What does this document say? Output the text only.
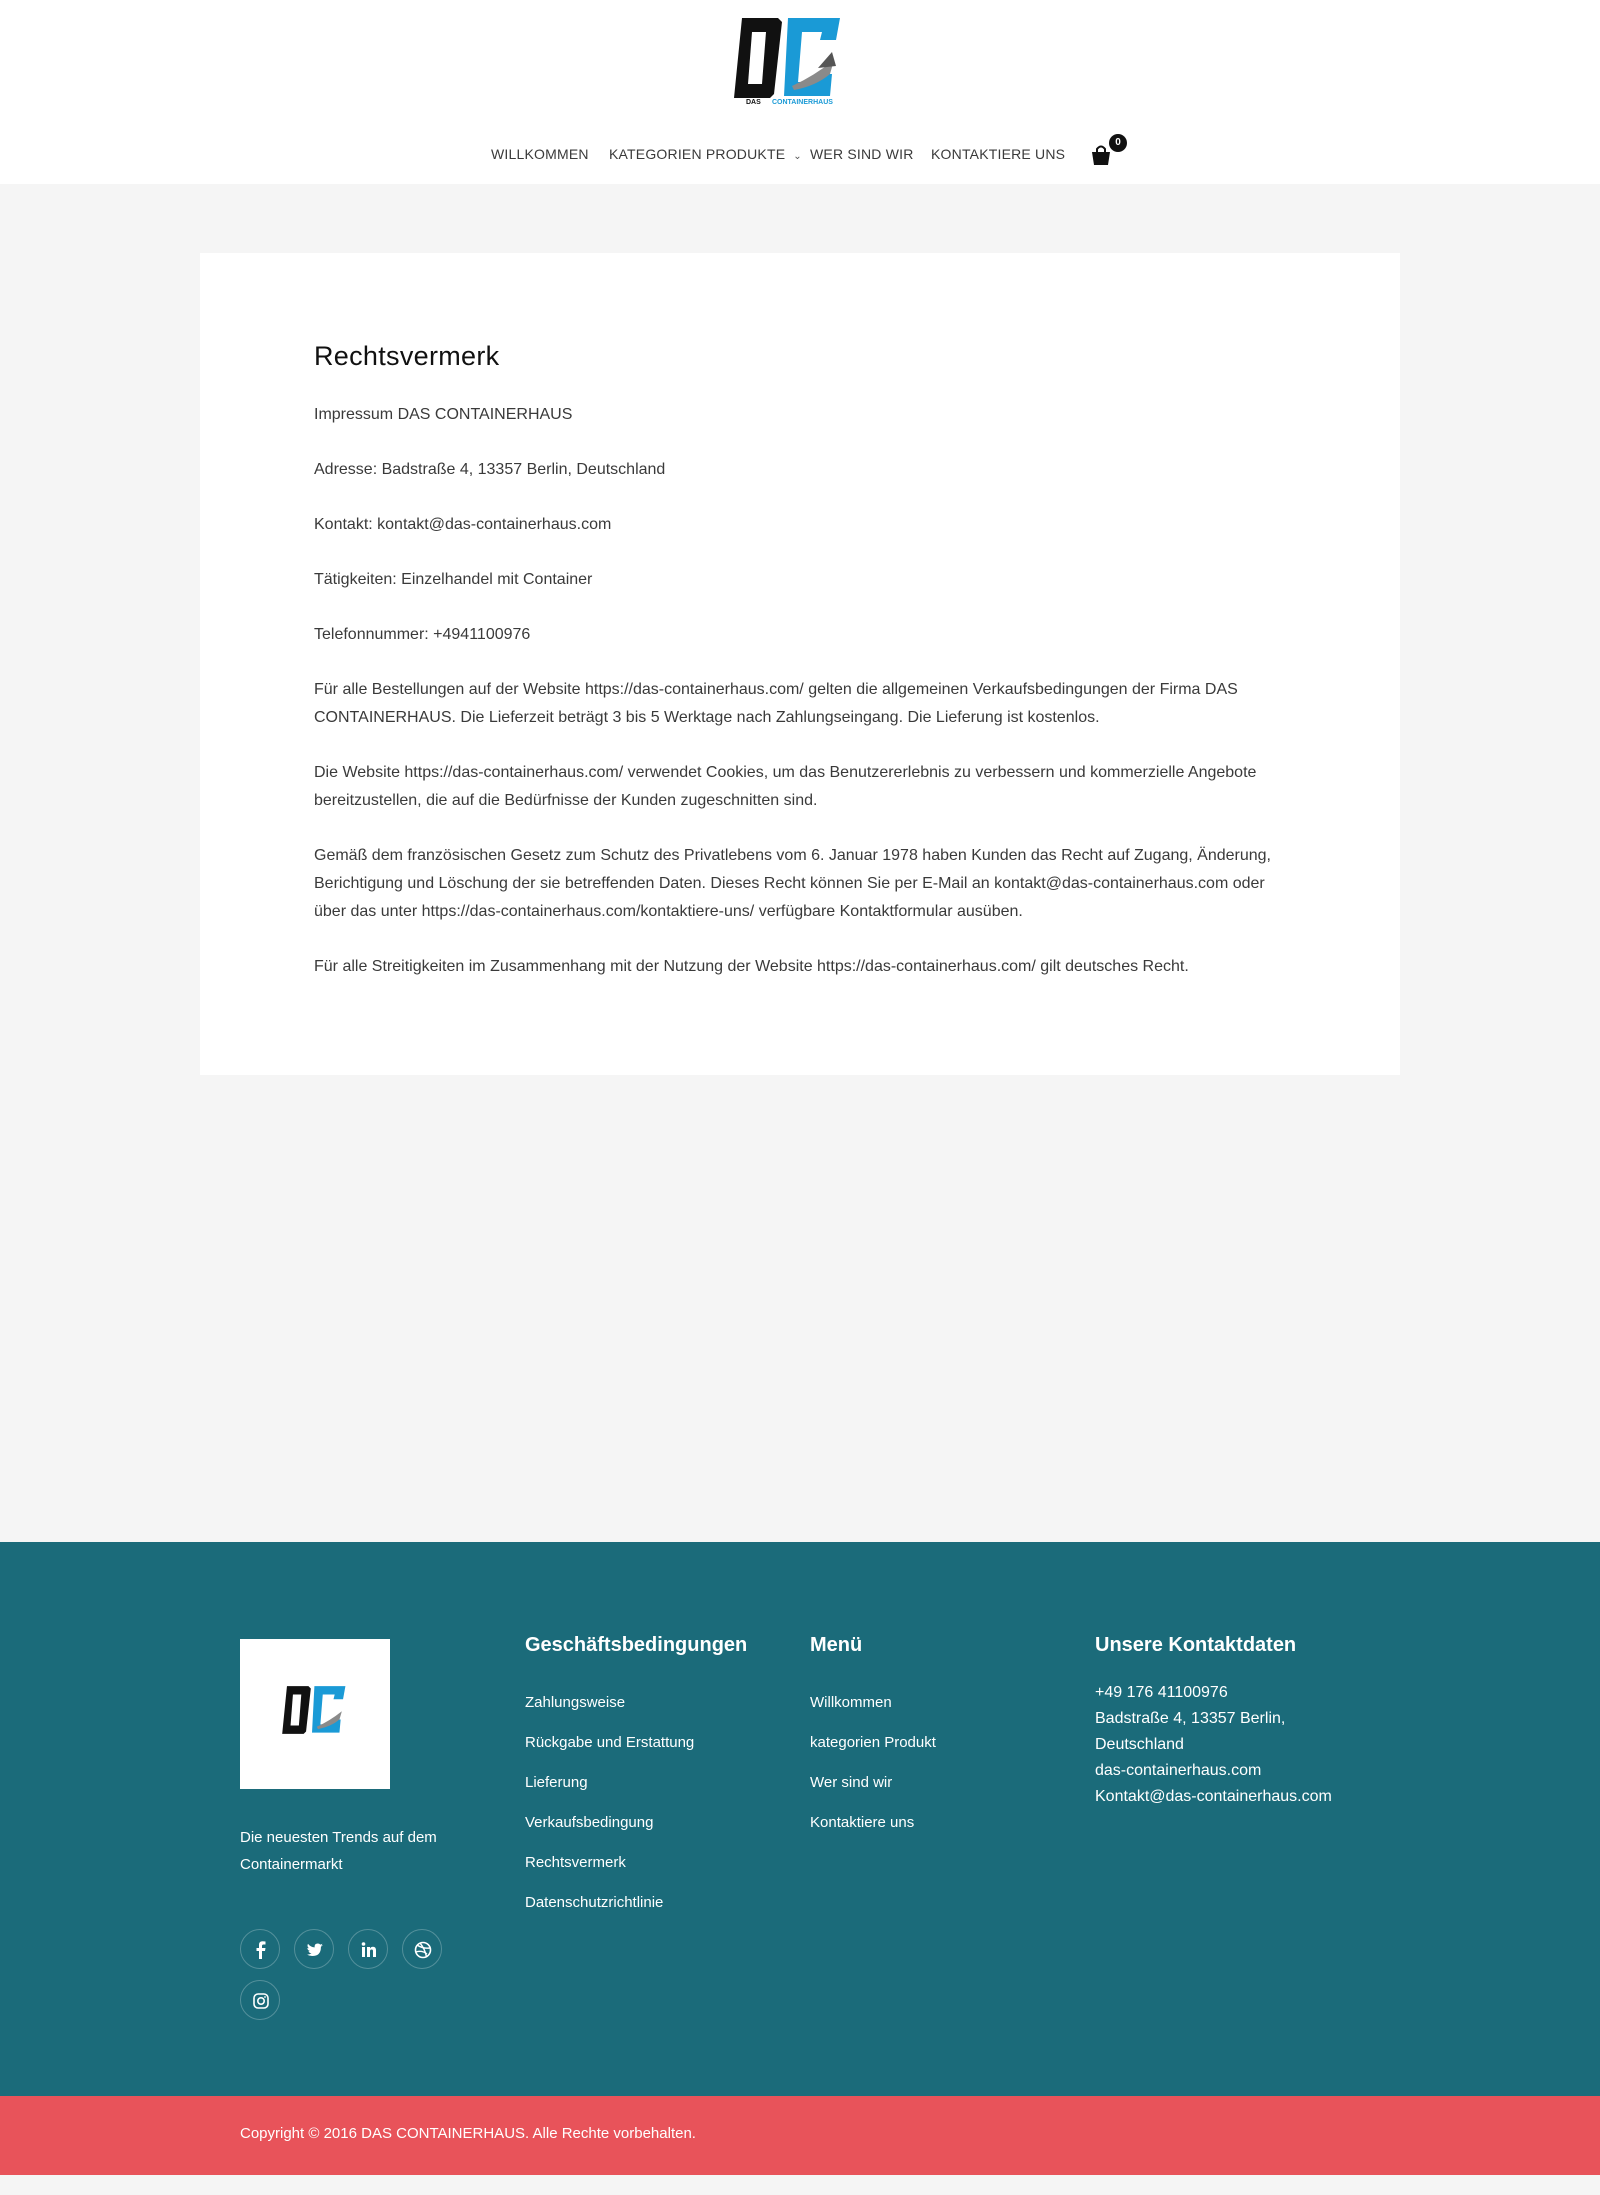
DAS CONTAINERHAUS
WILLKOMMEN KATEGORIEN PRODUKTE ⌄ WER SIND WIR KONTAKTIERE UNS
0
Rechtsvermerk

Impressum DAS CONTAINERHAUS

Adresse: Badstraße 4, 13357 Berlin, Deutschland

Kontakt: kontakt@das-containerhaus.com

Tätigkeiten: Einzelhandel mit Container

Telefonnummer: +4941100976

Für alle Bestellungen auf der Website https://das-containerhaus.com/ gelten die allgemeinen Verkaufsbedingungen der Firma DAS CONTAINERHAUS. Die Lieferzeit beträgt 3 bis 5 Werktage nach Zahlungseingang. Die Lieferung ist kostenlos.

Die Website https://das-containerhaus.com/ verwendet Cookies, um das Benutzererlebnis zu verbessern und kommerzielle Angebote bereitzustellen, die auf die Bedürfnisse der Kunden zugeschnitten sind.

Gemäß dem französischen Gesetz zum Schutz des Privatlebens vom 6. Januar 1978 haben Kunden das Recht auf Zugang, Änderung, Berichtigung und Löschung der sie betreffenden Daten. Dieses Recht können Sie per E-Mail an kontakt@das-containerhaus.com oder über das unter https://das-containerhaus.com/kontaktiere-uns/ verfügbare Kontaktformular ausüben.

Für alle Streitigkeiten im Zusammenhang mit der Nutzung der Website https://das-containerhaus.com/ gilt deutsches Recht.

Die neuesten Trends auf dem Containermarkt
Geschäftsbedingungen
Zahlungsweise
Rückgabe und Erstattung
Lieferung
Verkaufsbedingung
Rechtsvermerk
Datenschutzrichtlinie
Menü
Willkommen
kategorien Produkt
Wer sind wir
Kontaktiere uns
Unsere Kontaktdaten
+49 176 41100976
Badstraße 4, 13357 Berlin,
Deutschland
das-containerhaus.com
Kontakt@das-containerhaus.com
Copyright © 2016 DAS CONTAINERHAUS. Alle Rechte vorbehalten.
